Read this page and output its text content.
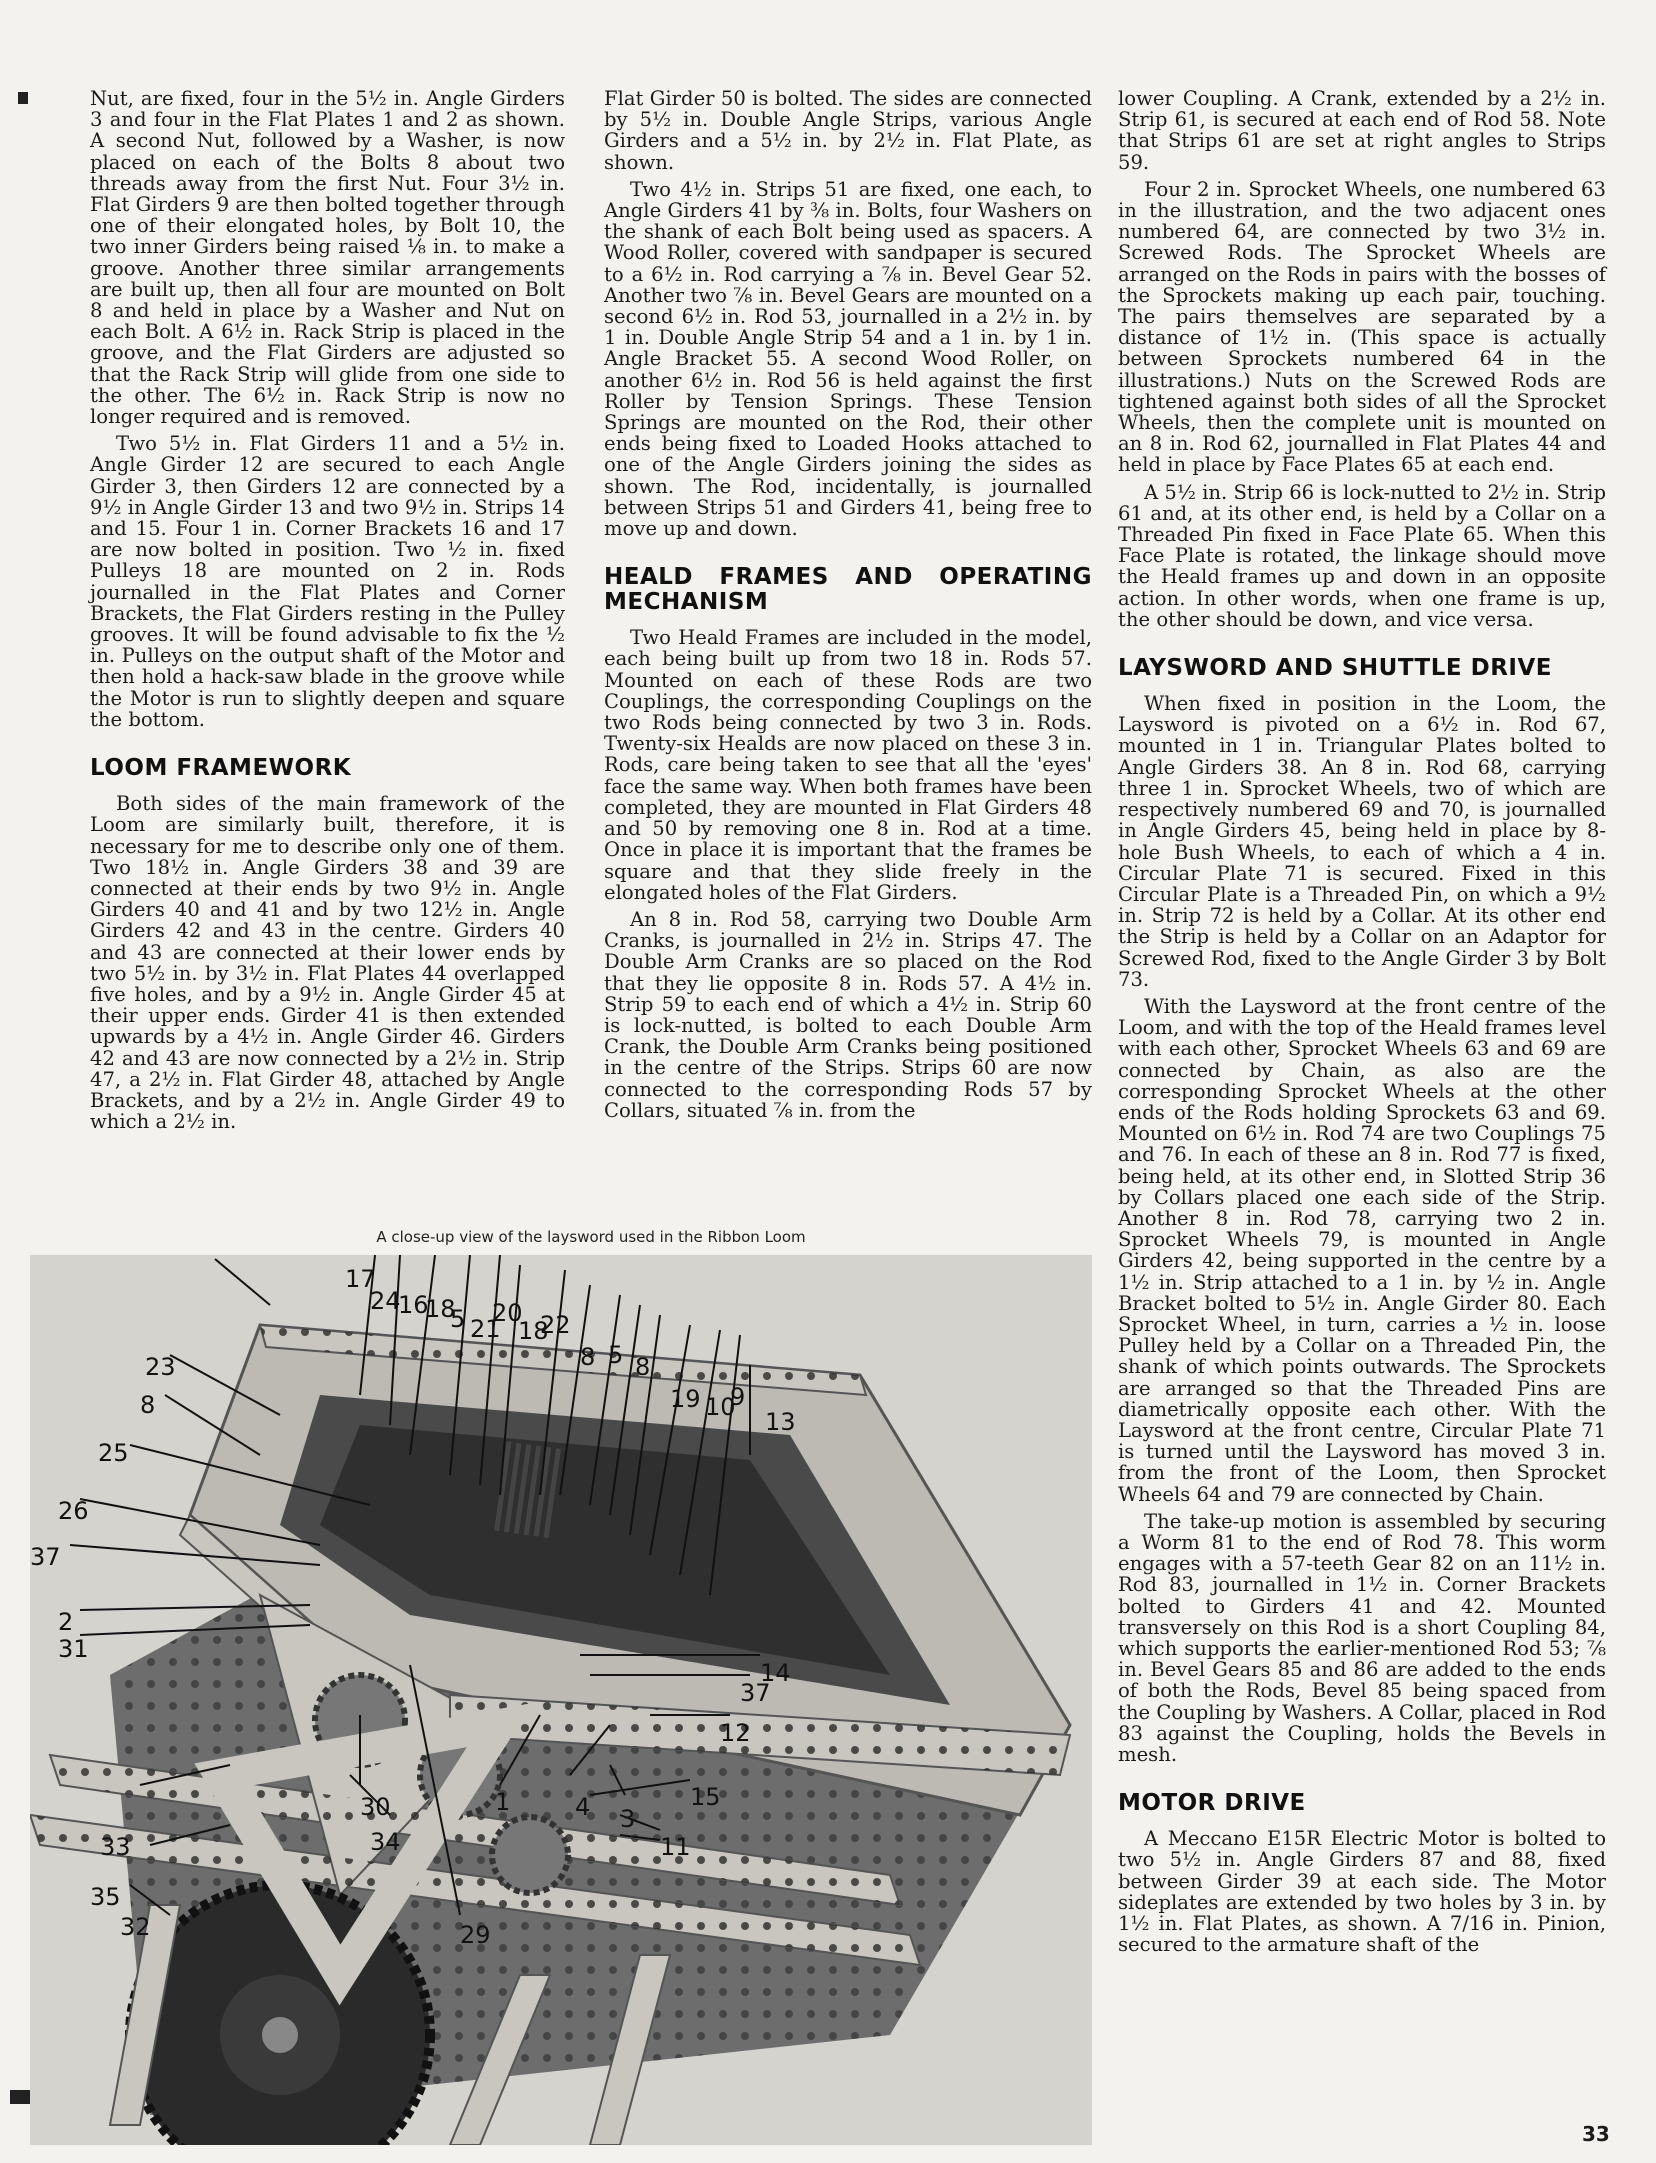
Nut, are fixed, four in the 5½ in. Angle Girders 3 and four in the Flat Plates 1 and 2 as shown. A second Nut, followed by a Washer, is now placed on each of the Bolts 8 about two threads away from the first Nut. Four 3½ in. Flat Girders 9 are then bolted together through one of their elongated holes, by Bolt 10, the two inner Girders being raised ⅛ in. to make a groove. Another three similar arrangements are built up, then all four are mounted on Bolt 8 and held in place by a Washer and Nut on each Bolt. A 6½ in. Rack Strip is placed in the groove, and the Flat Girders are adjusted so that the Rack Strip will glide from one side to the other. The 6½ in. Rack Strip is now no longer required and is removed.

Two 5½ in. Flat Girders 11 and a 5½ in. Angle Girder 12 are secured to each Angle Girder 3, then Girders 12 are connected by a 9½ in Angle Girder 13 and two 9½ in. Strips 14 and 15. Four 1 in. Corner Brackets 16 and 17 are now bolted in position. Two ½ in. fixed Pulleys 18 are mounted on 2 in. Rods journalled in the Flat Plates and Corner Brackets, the Flat Girders resting in the Pulley grooves. It will be found advisable to fix the ½ in. Pulleys on the output shaft of the Motor and then hold a hack-saw blade in the groove while the Motor is run to slightly deepen and square the bottom.

LOOM FRAMEWORK

Both sides of the main framework of the Loom are similarly built, therefore, it is necessary for me to describe only one of them. Two 18½ in. Angle Girders 38 and 39 are connected at their ends by two 9½ in. Angle Girders 40 and 41 and by two 12½ in. Angle Girders 42 and 43 in the centre. Girders 40 and 43 are connected at their lower ends by two 5½ in. by 3½ in. Flat Plates 44 overlapped five holes, and by a 9½ in. Angle Girder 45 at their upper ends. Girder 41 is then extended upwards by a 4½ in. Angle Girder 46. Girders 42 and 43 are now connected by a 2½ in. Strip 47, a 2½ in. Flat Girder 48, attached by Angle Brackets, and by a 2½ in. Angle Girder 49 to which a 2½ in.

Flat Girder 50 is bolted. The sides are connected by 5½ in. Double Angle Strips, various Angle Girders and a 5½ in. by 2½ in. Flat Plate, as shown.

Two 4½ in. Strips 51 are fixed, one each, to Angle Girders 41 by ⅜ in. Bolts, four Washers on the shank of each Bolt being used as spacers. A Wood Roller, covered with sandpaper is secured to a 6½ in. Rod carrying a ⅞ in. Bevel Gear 52. Another two ⅞ in. Bevel Gears are mounted on a second 6½ in. Rod 53, journalled in a 2½ in. by 1 in. Double Angle Strip 54 and a 1 in. by 1 in. Angle Bracket 55. A second Wood Roller, on another 6½ in. Rod 56 is held against the first Roller by Tension Springs. These Tension Springs are mounted on the Rod, their other ends being fixed to Loaded Hooks attached to one of the Angle Girders joining the sides as shown. The Rod, incidentally, is journalled between Strips 51 and Girders 41, being free to move up and down.

HEALD FRAMES AND OPERATING MECHANISM

Two Heald Frames are included in the model, each being built up from two 18 in. Rods 57. Mounted on each of these Rods are two Couplings, the corresponding Couplings on the two Rods being connected by two 3 in. Rods. Twenty-six Healds are now placed on these 3 in. Rods, care being taken to see that all the 'eyes' face the same way. When both frames have been completed, they are mounted in Flat Girders 48 and 50 by removing one 8 in. Rod at a time. Once in place it is important that the frames be square and that they slide freely in the elongated holes of the Flat Girders.

An 8 in. Rod 58, carrying two Double Arm Cranks, is journalled in 2½ in. Strips 47. The Double Arm Cranks are so placed on the Rod that they lie opposite 8 in. Rods 57. A 4½ in. Strip 59 to each end of which a 4½ in. Strip 60 is lock-nutted, is bolted to each Double Arm Crank, the Double Arm Cranks being positioned in the centre of the Strips. Strips 60 are now connected to the corresponding Rods 57 by Collars, situated ⅞ in. from the

lower Coupling. A Crank, extended by a 2½ in. Strip 61, is secured at each end of Rod 58. Note that Strips 61 are set at right angles to Strips 59.

Four 2 in. Sprocket Wheels, one numbered 63 in the illustration, and the two adjacent ones numbered 64, are connected by two 3½ in. Screwed Rods. The Sprocket Wheels are arranged on the Rods in pairs with the bosses of the Sprockets making up each pair, touching. The pairs themselves are separated by a distance of 1½ in. (This space is actually between Sprockets numbered 64 in the illustrations.) Nuts on the Screwed Rods are tightened against both sides of all the Sprocket Wheels, then the complete unit is mounted on an 8 in. Rod 62, journalled in Flat Plates 44 and held in place by Face Plates 65 at each end.

A 5½ in. Strip 66 is lock-nutted to 2½ in. Strip 61 and, at its other end, is held by a Collar on a Threaded Pin fixed in Face Plate 65. When this Face Plate is rotated, the linkage should move the Heald frames up and down in an opposite action. In other words, when one frame is up, the other should be down, and vice versa.

LAYSWORD AND SHUTTLE DRIVE

When fixed in position in the Loom, the Laysword is pivoted on a 6½ in. Rod 67, mounted in 1 in. Triangular Plates bolted to Angle Girders 38. An 8 in. Rod 68, carrying three 1 in. Sprocket Wheels, two of which are respectively numbered 69 and 70, is journalled in Angle Girders 45, being held in place by 8-hole Bush Wheels, to each of which a 4 in. Circular Plate 71 is secured. Fixed in this Circular Plate is a Threaded Pin, on which a 9½ in. Strip 72 is held by a Collar. At its other end the Strip is held by a Collar on an Adaptor for Screwed Rod, fixed to the Angle Girder 3 by Bolt 73.

With the Laysword at the front centre of the Loom, and with the top of the Heald frames level with each other, Sprocket Wheels 63 and 69 are connected by Chain, as also are the corresponding Sprocket Wheels at the other ends of the Rods holding Sprockets 63 and 69. Mounted on 6½ in. Rod 74 are two Couplings 75 and 76. In each of these an 8 in. Rod 77 is fixed, being held, at its other end, in Slotted Strip 36 by Collars placed one each side of the Strip. Another 8 in. Rod 78, carrying two 2 in. Sprocket Wheels 79, is mounted in Angle Girders 42, being supported in the centre by a 1½ in. Strip attached to a 1 in. by ½ in. Angle Bracket bolted to 5½ in. Angle Girder 80. Each Sprocket Wheel, in turn, carries a ½ in. loose Pulley held by a Collar on a Threaded Pin, the shank of which points outwards. The Sprockets are arranged so that the Threaded Pins are diametrically opposite each other. With the Laysword at the front centre, Circular Plate 71 is turned until the Laysword has moved 3 in. from the front of the Loom, then Sprocket Wheels 64 and 79 are connected by Chain.

The take-up motion is assembled by securing a Worm 81 to the end of Rod 78. This worm engages with a 57-teeth Gear 82 on an 11½ in. Rod 83, journalled in 1½ in. Corner Brackets bolted to Girders 41 and 42. Mounted transversely on this Rod is a short Coupling 84, which supports the earlier-mentioned Rod 53; ⅞ in. Bevel Gears 85 and 86 are added to the ends of both the Rods, Bevel 85 being spaced from the Coupling by Washers. A Collar, placed in Rod 83 against the Coupling, holds the Bevels in mesh.

MOTOR DRIVE

A Meccano E15R Electric Motor is bolted to two 5½ in. Angle Girders 87 and 88, fixed between Girder 39 at each side. The Motor sideplates are extended by two holes by 3 in. by 1½ in. Flat Plates, as shown. A 7/16 in. Pinion, secured to the armature shaft of the

A close-up view of the laysword used in the Ribbon Loom
17
24
16
18
5 21
20
18
22
8 5 8
19 10
9
13
23
8
25
26
37
2
31
14
37
12
15
33
32
30
34	11
35
29
1	4 3
33
